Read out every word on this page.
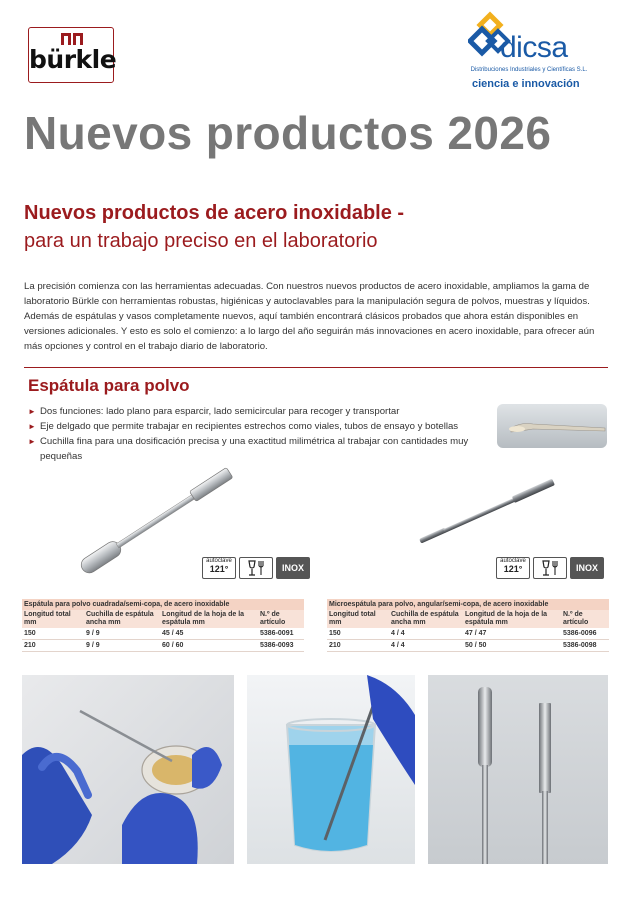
bürkle	dicsa
Distribuciones Industriales y Científicas S.L.
ciencia e innovación
Nuevos productos 2026
Nuevos productos de acero inoxidable -
para un trabajo preciso en el laboratorio

La precisión comienza con las herramientas adecuadas. Con nuestros nuevos productos de acero inoxidable, ampliamos la gama de laboratorio Bürkle con herramientas robustas, higiénicas y autoclavables para la manipulación segura de polvos, muestras y líquidos. Además de espátulas y vasos completamente nuevos, aquí también encontrará clásicos probados que ahora están disponibles en versiones adicionales. Y esto es solo el comienzo: a lo largo del año seguirán más innovaciones en acero inoxidable, para ofrecer aún más opciones y control en el trabajo diario de laboratorio.

Espátula para polvo
► Dos funciones: lado plano para esparcir, lado semicircular para recoger y transportar
► Eje delgado que permite trabajar en recipientes estrechos como viales, tubos de ensayo y botellas
► Cuchilla fina para una dosificación precisa y una exactitud milimétrica al trabajar con cantidades muy pequeñas
autoclave
121°	INOX
autoclave
121°	INOX
Espátula para polvo cuadrada/semi-copa, de acero inoxidable			
Longitud total mm	Cuchilla de espátula ancha mm	Longitud de la hoja de la espátula mm	N.º de artículo
150	9 / 9	45 / 45	5386-0091
210	9 / 9	60 / 60	5386-0093
Microespátula para polvo, angular/semi-copa, de acero inoxidable			
Longitud total mm	Cuchilla de espátula ancha mm	Longitud de la hoja de la espátula mm	N.º de artículo
150	4 / 4	47 / 47	5386-0096
210	4 / 4	50 / 50	5386-0098
